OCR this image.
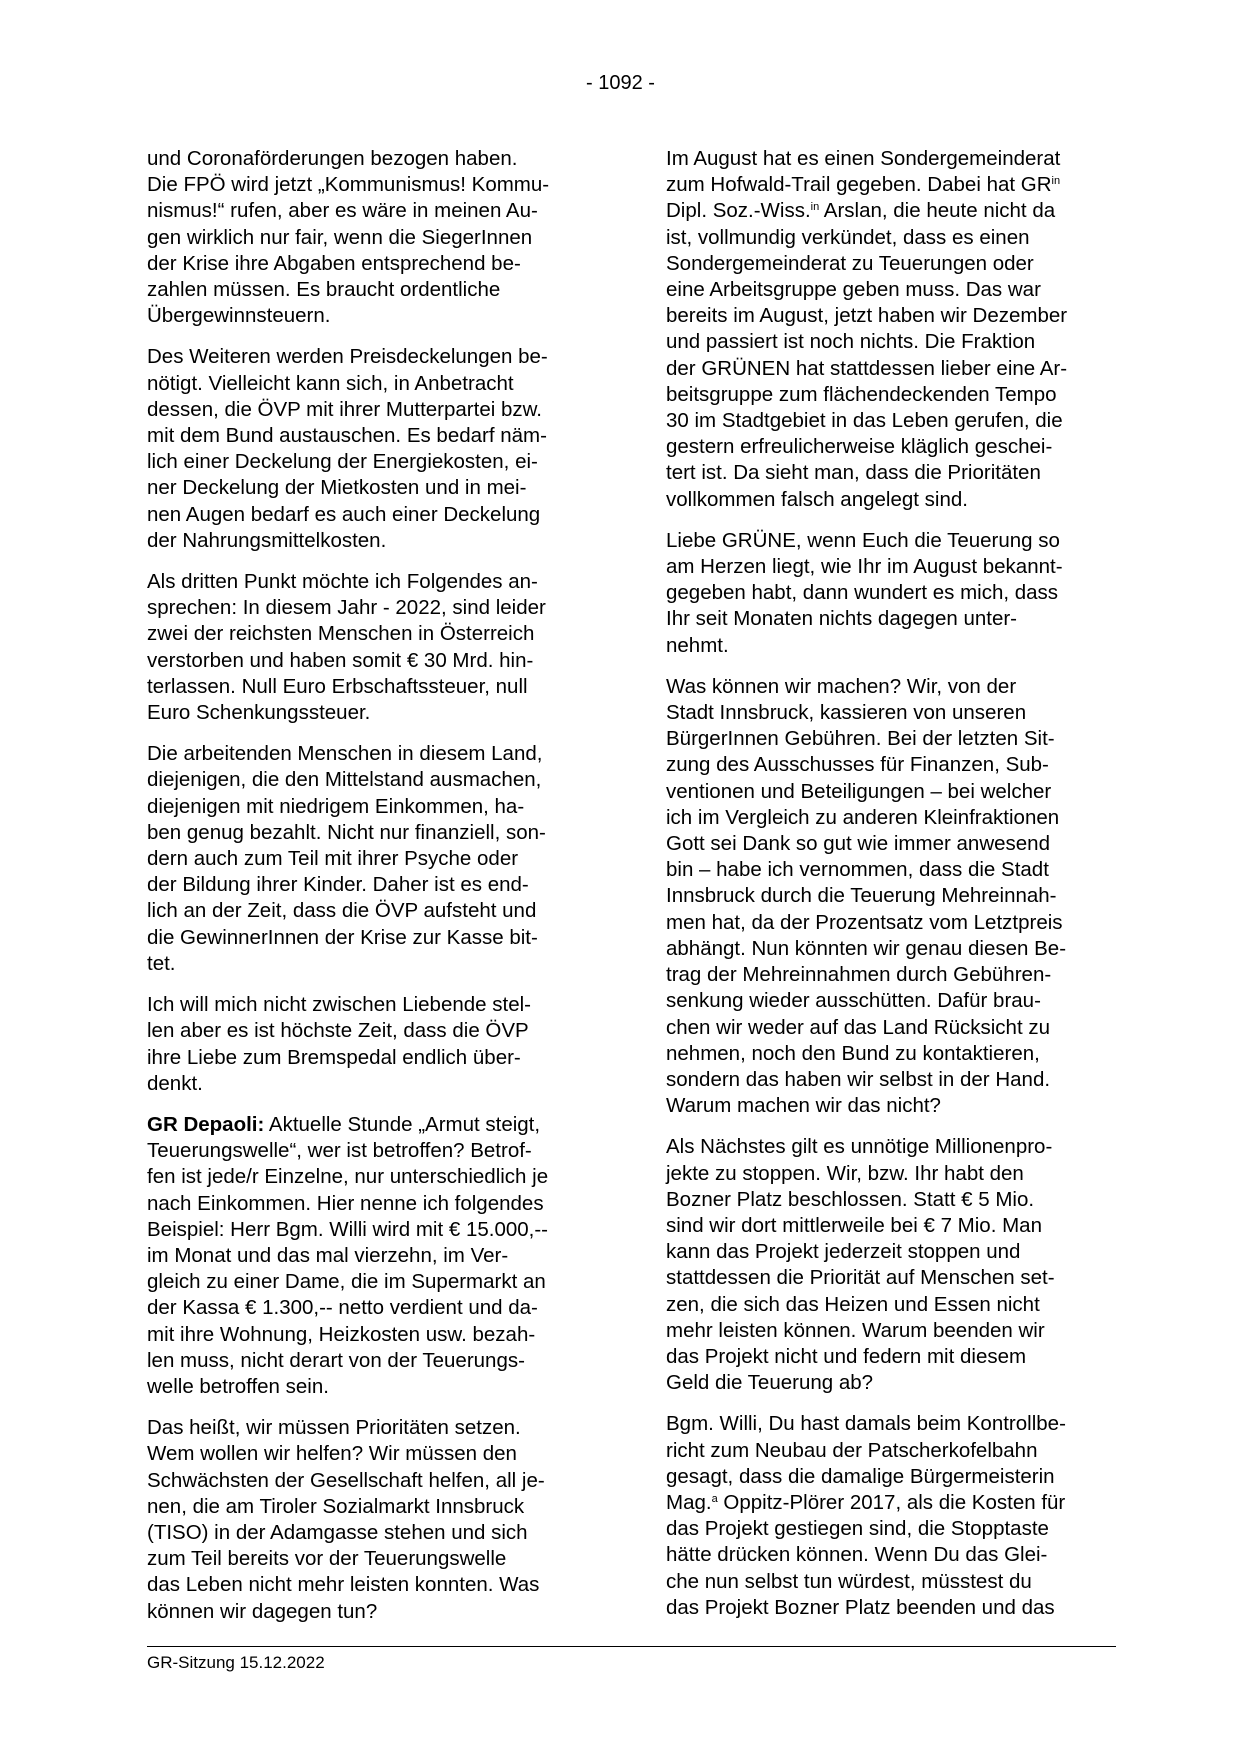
- 1092 -

und Coronaförderungen bezogen haben.
Die FPÖ wird jetzt „Kommunismus! Kommu-
nismus!“ rufen, aber es wäre in meinen Au-
gen wirklich nur fair, wenn die SiegerInnen
der Krise ihre Abgaben entsprechend be-
zahlen müssen. Es braucht ordentliche
Übergewinnsteuern.

Des Weiteren werden Preisdeckelungen be-
nötigt. Vielleicht kann sich, in Anbetracht
dessen, die ÖVP mit ihrer Mutterpartei bzw.
mit dem Bund austauschen. Es bedarf näm-
lich einer Deckelung der Energiekosten, ei-
ner Deckelung der Mietkosten und in mei-
nen Augen bedarf es auch einer Deckelung
der Nahrungsmittelkosten.

Als dritten Punkt möchte ich Folgendes an-
sprechen: In diesem Jahr - 2022, sind leider
zwei der reichsten Menschen in Österreich
verstorben und haben somit € 30 Mrd. hin-
terlassen. Null Euro Erbschaftssteuer, null
Euro Schenkungssteuer.

Die arbeitenden Menschen in diesem Land,
diejenigen, die den Mittelstand ausmachen,
diejenigen mit niedrigem Einkommen, ha-
ben genug bezahlt. Nicht nur finanziell, son-
dern auch zum Teil mit ihrer Psyche oder
der Bildung ihrer Kinder. Daher ist es end-
lich an der Zeit, dass die ÖVP aufsteht und
die GewinnerInnen der Krise zur Kasse bit-
tet.

Ich will mich nicht zwischen Liebende stel-
len aber es ist höchste Zeit, dass die ÖVP
ihre Liebe zum Bremspedal endlich über-
denkt.

GR Depaoli: Aktuelle Stunde „Armut steigt,
Teuerungswelle“, wer ist betroffen? Betrof-
fen ist jede/r Einzelne, nur unterschiedlich je
nach Einkommen. Hier nenne ich folgendes
Beispiel: Herr Bgm. Willi wird mit € 15.000,--
im Monat und das mal vierzehn, im Ver-
gleich zu einer Dame, die im Supermarkt an
der Kassa € 1.300,-- netto verdient und da-
mit ihre Wohnung, Heizkosten usw. bezah-
len muss, nicht derart von der Teuerungs-
welle betroffen sein.

Das heißt, wir müssen Prioritäten setzen.
Wem wollen wir helfen? Wir müssen den
Schwächsten der Gesellschaft helfen, all je-
nen, die am Tiroler Sozialmarkt Innsbruck
(TISO) in der Adamgasse stehen und sich
zum Teil bereits vor der Teuerungswelle
das Leben nicht mehr leisten konnten. Was
können wir dagegen tun?

Im August hat es einen Sondergemeinderat
zum Hofwald-Trail gegeben. Dabei hat $GR^{in}$
Dipl. Soz.-Wiss.$^{in}$ Arslan, die heute nicht da
ist, vollmundig verkündet, dass es einen
Sondergemeinderat zu Teuerungen oder
eine Arbeitsgruppe geben muss. Das war
bereits im August, jetzt haben wir Dezember
und passiert ist noch nichts. Die Fraktion
der GRÜNEN hat stattdessen lieber eine Ar-
beitsgruppe zum flächendeckenden Tempo
30 im Stadtgebiet in das Leben gerufen, die
gestern erfreulicherweise kläglich geschei-
tert ist. Da sieht man, dass die Prioritäten
vollkommen falsch angelegt sind.

Liebe GRÜNE, wenn Euch die Teuerung so
am Herzen liegt, wie Ihr im August bekannt-
gegeben habt, dann wundert es mich, dass
Ihr seit Monaten nichts dagegen unter-
nehmt.

Was können wir machen? Wir, von der
Stadt Innsbruck, kassieren von unseren
BürgerInnen Gebühren. Bei der letzten Sit-
zung des Ausschusses für Finanzen, Sub-
ventionen und Beteiligungen – bei welcher
ich im Vergleich zu anderen Kleinfraktionen
Gott sei Dank so gut wie immer anwesend
bin – habe ich vernommen, dass die Stadt
Innsbruck durch die Teuerung Mehreinnah-
men hat, da der Prozentsatz vom Letztpreis
abhängt. Nun könnten wir genau diesen Be-
trag der Mehreinnahmen durch Gebühren-
senkung wieder ausschütten. Dafür brau-
chen wir weder auf das Land Rücksicht zu
nehmen, noch den Bund zu kontaktieren,
sondern das haben wir selbst in der Hand.
Warum machen wir das nicht?

Als Nächstes gilt es unnötige Millionenpro-
jekte zu stoppen. Wir, bzw. Ihr habt den
Bozner Platz beschlossen. Statt € 5 Mio.
sind wir dort mittlerweile bei € 7 Mio. Man
kann das Projekt jederzeit stoppen und
stattdessen die Priorität auf Menschen set-
zen, die sich das Heizen und Essen nicht
mehr leisten können. Warum beenden wir
das Projekt nicht und federn mit diesem
Geld die Teuerung ab?

Bgm. Willi, Du hast damals beim Kontrollbe-
richt zum Neubau der Patscherkofelbahn
gesagt, dass die damalige Bürgermeisterin
Mag.$^a$ Oppitz-Plörer 2017, als die Kosten für
das Projekt gestiegen sind, die Stopptaste
hätte drücken können. Wenn Du das Glei-
che nun selbst tun würdest, müsstest du
das Projekt Bozner Platz beenden und das

GR-Sitzung 15.12.2022
